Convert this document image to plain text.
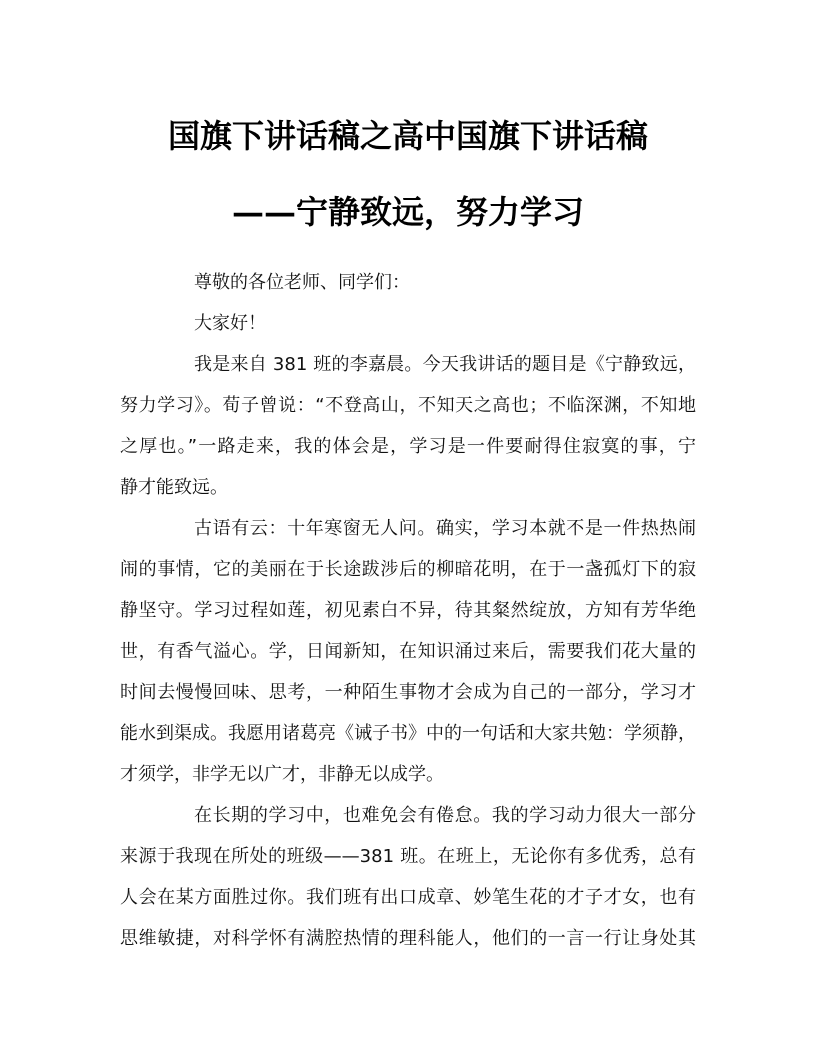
国旗下讲话稿之高中国旗下讲话稿
——宁静致远，努力学习
尊敬的各位老师、同学们：
大家好！
我是来自 381 班的李嘉晨。今天我讲话的题目是《宁静致远，
努力学习》。荀子曾说：“不登高山，不知天之高也；不临深渊，不知地
之厚也。”一路走来，我的体会是，学习是一件要耐得住寂寞的事，宁
静才能致远。
古语有云：十年寒窗无人问。确实，学习本就不是一件热热闹
闹的事情，它的美丽在于长途跋涉后的柳暗花明，在于一盏孤灯下的寂
静坚守。学习过程如莲，初见素白不异，待其粲然绽放，方知有芳华绝
世，有香气溢心。学，日闻新知，在知识涌过来后，需要我们花大量的
时间去慢慢回味、思考，一种陌生事物才会成为自己的一部分，学习才
能水到渠成。我愿用诸葛亮《诫子书》中的一句话和大家共勉：学须静，
才须学，非学无以广才，非静无以成学。
在长期的学习中，也难免会有倦怠。我的学习动力很大一部分
来源于我现在所处的班级——381 班。在班上，无论你有多优秀，总有
人会在某方面胜过你。我们班有出口成章、妙笔生花的才子才女，也有
思维敏捷，对科学怀有满腔热情的理科能人，他们的一言一行让身处其
